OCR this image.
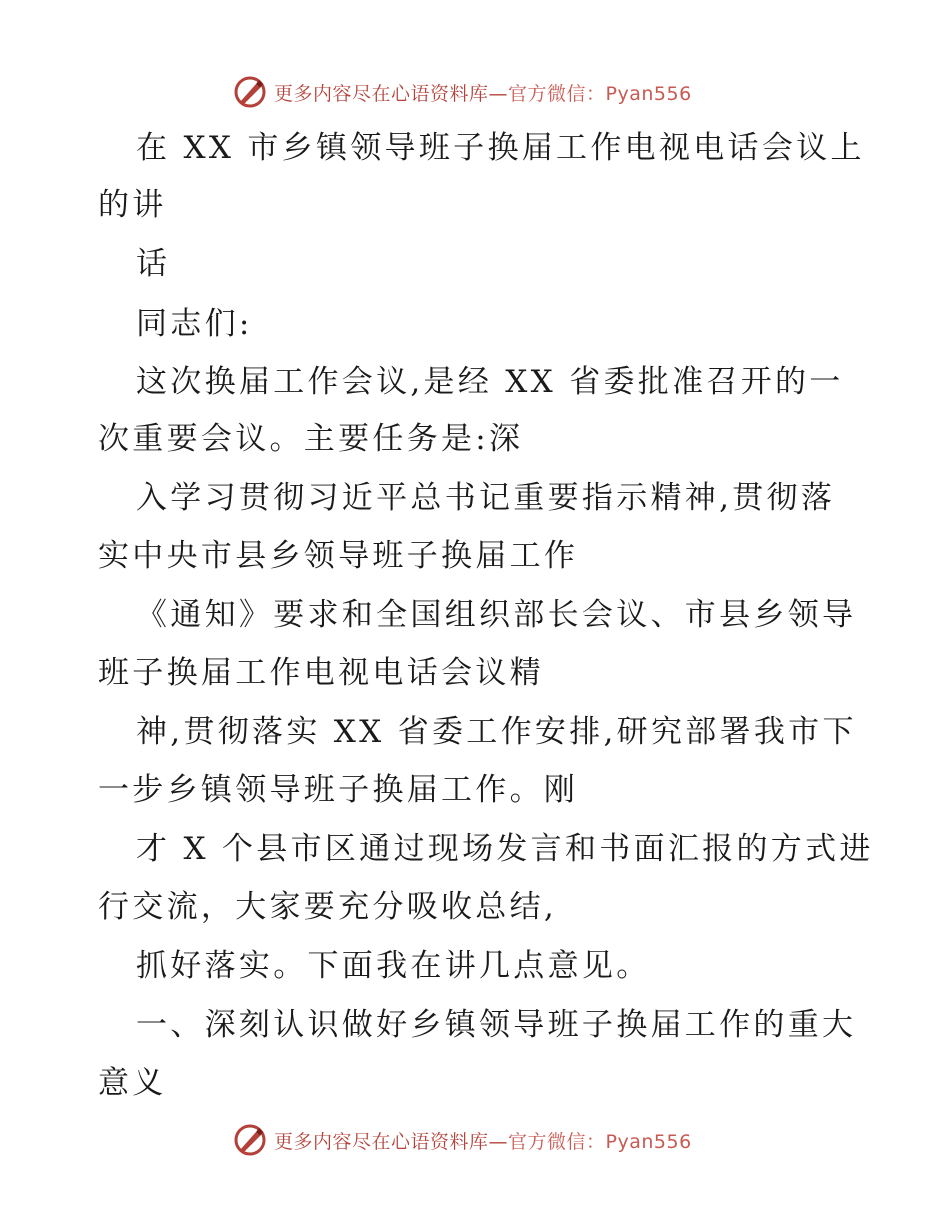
更多内容尽在心语资料库—官方微信：Pyan556
在 XX 市乡镇领导班子换届工作电视电话会议上
的讲
话
同志们:
这次换届工作会议,是经 XX 省委批准召开的一
次重要会议。主要任务是:深
入学习贯彻习近平总书记重要指示精神,贯彻落
实中央市县乡领导班子换届工作
《通知》要求和全国组织部长会议、市县乡领导
班子换届工作电视电话会议精
神,贯彻落实 XX 省委工作安排,研究部署我市下
一步乡镇领导班子换届工作。刚
才 X 个县市区通过现场发言和书面汇报的方式进
行交流，大家要充分吸收总结,
抓好落实。下面我在讲几点意见。
一、深刻认识做好乡镇领导班子换届工作的重大
意义
更多内容尽在心语资料库—官方微信：Pyan556
